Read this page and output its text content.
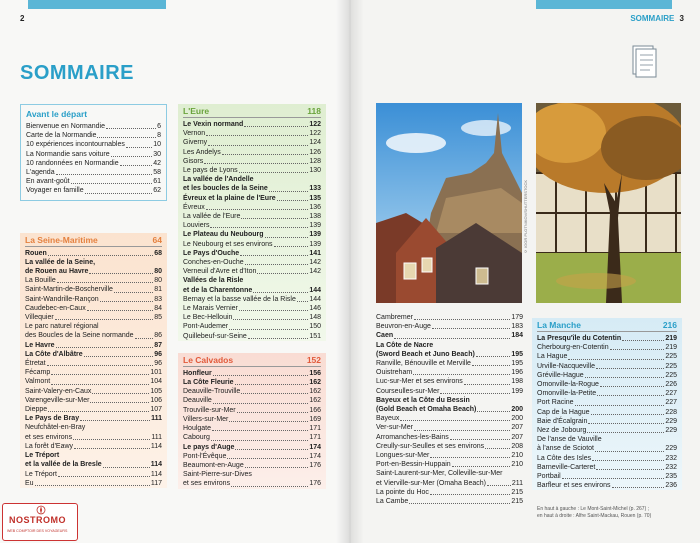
2	SOMMAIRE 3
SOMMAIRE
Avant le départ
Bienvenue en Normandie	6
Carte de la Normandie	8
10 expériences incontournables	10
La Normandie sans voiture	30
10 randonnées en Normandie	42
L'agenda	58
En avant-goût	61
Voyager en famille	62
La Seine-Maritime	64
Rouen	68
La vallée de la Seine,
de Rouen au Havre	80
La Bouille	80
Saint-Martin-de-Boscherville	81
Saint-Wandrille-Rançon	83
Caudebec-en-Caux	84
Villequier	85
Le parc naturel régional
des Boucles de la Seine normande	86
Le Havre	87
La Côte d'Albâtre	96
Étretat	96
Fécamp	101
Valmont	104
Saint-Valery-en-Caux	105
Varengeville-sur-Mer	106
Dieppe	107
Le Pays de Bray	111
Neufchâtel-en-Bray
et ses environs	111
La forêt d'Eawy	114
Le Tréport
et la vallée de la Bresle	114
Le Tréport	114
Eu	117
L'Eure	118
Le Vexin normand	122
Vernon	122
Giverny	124
Les Andelys	126
Gisors	128
Le pays de Lyons	130
La vallée de l'Andelle
et les boucles de la Seine	133
Évreux et la plaine de l'Eure	135
Évreux	136
La vallée de l'Eure	138
Louviers	139
Le Plateau du Neubourg	139
Le Neubourg et ses environs	139
Le Pays d'Ouche	141
Conches-en-Ouche	142
Verneuil d'Avre et d'Iton	142
Vallées de la Risle
et de la Charentonne	144
Bernay et la basse vallée de la Risle 144
Le Marais Vernier	146
Le Bec-Hellouin	148
Pont-Audemer	150
Quillebeuf-sur-Seine	151
Le Calvados	152
Honfleur	156
La Côte Fleurie	162
Deauville-Trouville	162
Deauville	162
Trouville-sur-Mer	166
Villers-sur-Mer	169
Houlgate	171
Cabourg	171
Le pays d'Auge	174
Pont-l'Évêque	174
Beaumont-en-Auge	176
Saint-Pierre-sur-Dives
et ses environs	176
NOSTROMO
WEB COMPTOIR DES VOYAGEURS
© IGOR PLOTNIKOV/SHUTTERSTOCK
Cambremer	179
Beuvron-en-Auge	183
Caen	184
La Côte de Nacre
(Sword Beach et Juno Beach)	195
Ranville, Bénouville et Merville	195
Ouistreham	196
Luc-sur-Mer et ses environs	198
Courseulles-sur-Mer	199
Bayeux et la Côte du Bessin
(Gold Beach et Omaha Beach)	200
Bayeux	200
Ver-sur-Mer	207
Arromanches-les-Bains	207
Creully-sur-Seulles et ses environs	208
Longues-sur-Mer	210
Port-en-Bessin-Huppain	210
Saint-Laurent-sur-Mer, Colleville-sur-Mer
et Vierville-sur-Mer (Omaha Beach)	211
La pointe du Hoc	215
La Cambe	215
La Manche	216
La Presqu'île du Cotentin	219
Cherbourg-en-Cotentin	219
La Hague	225
Urville-Nacqueville	225
Gréville-Hague	225
Omonville-la-Rogue	226
Omonville-la-Petite	227
Port Racine	227
Cap de la Hague	228
Baie d'Écalgrain	229
Nez de Jobourg	229
De l'anse de Vauville
à l'anse de Sciotot	229
La Côte des Isles	232
Barneville-Carteret	232
Portbail	235
Barfleur et ses environs	236
En haut à gauche : Le Mont-Saint-Michel (p. 267) ;
en haut à droite : Alfre Saint-Mackau, Rouen (p. 70)
